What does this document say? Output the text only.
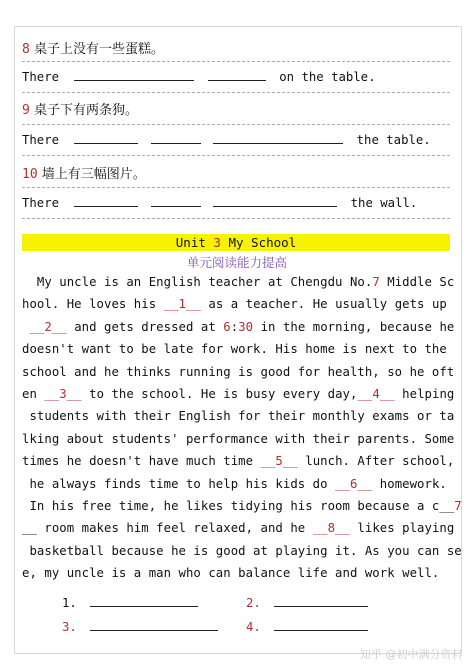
8 桌子上没有一些蛋糕。
There	on the table.
9 桌子下有两条狗。
There	the table.
10 墙上有三幅图片。
There	the wall.
Unit 3 My School
单元阅读能力提高
My uncle is an English teacher at Chengdu No.7 Middle Sc
hool. He loves his __1__ as a teacher. He usually gets up
__2__ and gets dressed at 6:30 in the morning, because he
doesn't want to be late for work. His home is next to the
school and he thinks running is good for health, so he oft
en __3__ to the school. He is busy every day,__4__ helping
students with their English for their monthly exams or ta
lking about students' performance with their parents. Some
times he doesn't have much time __5__ lunch. After school,
he always finds time to help his kids do __6__ homework.
In his free time, he likes tidying his room because a c__7
__ room makes him feel relaxed, and he __8__ likes playing
basketball because he is good at playing it. As you can se
e, my uncle is a man who can balance life and work well.
1.	2.
3.	4.
知乎 @初中满分资料
